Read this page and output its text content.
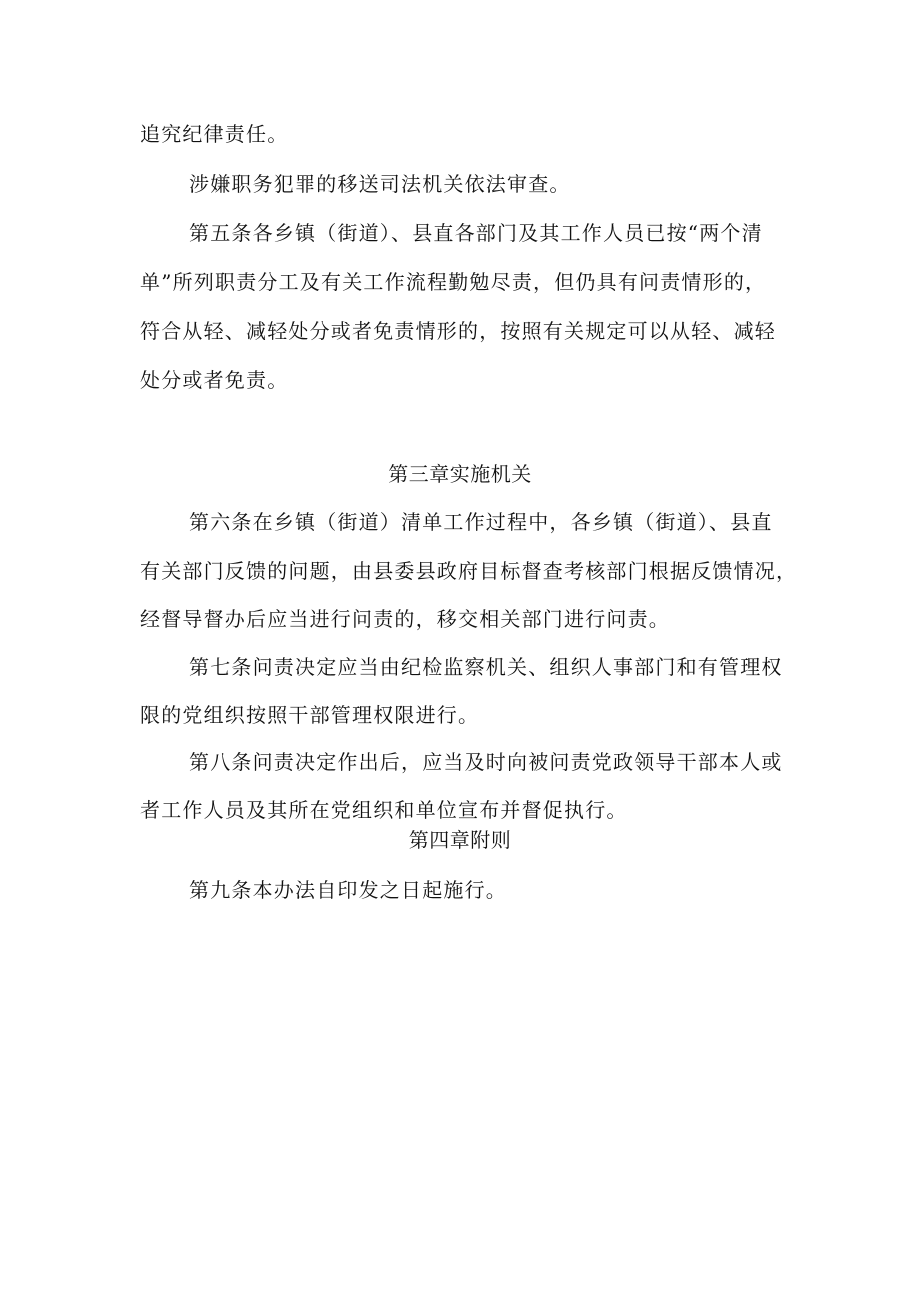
追究纪律责任。
涉嫌职务犯罪的移送司法机关依法审查。
第五条各乡镇（街道）、县直各部门及其工作人员已按“两个清
单”所列职责分工及有关工作流程勤勉尽责，但仍具有问责情形的，
符合从轻、减轻处分或者免责情形的，按照有关规定可以从轻、减轻
处分或者免责。
第三章实施机关
第六条在乡镇（街道）清单工作过程中，各乡镇（街道）、县直
有关部门反馈的问题，由县委县政府目标督查考核部门根据反馈情况，
经督导督办后应当进行问责的，移交相关部门进行问责。
第七条问责决定应当由纪检监察机关、组织人事部门和有管理权
限的党组织按照干部管理权限进行。
第八条问责决定作出后，应当及时向被问责党政领导干部本人或
者工作人员及其所在党组织和单位宣布并督促执行。
第四章附则
第九条本办法自印发之日起施行。
